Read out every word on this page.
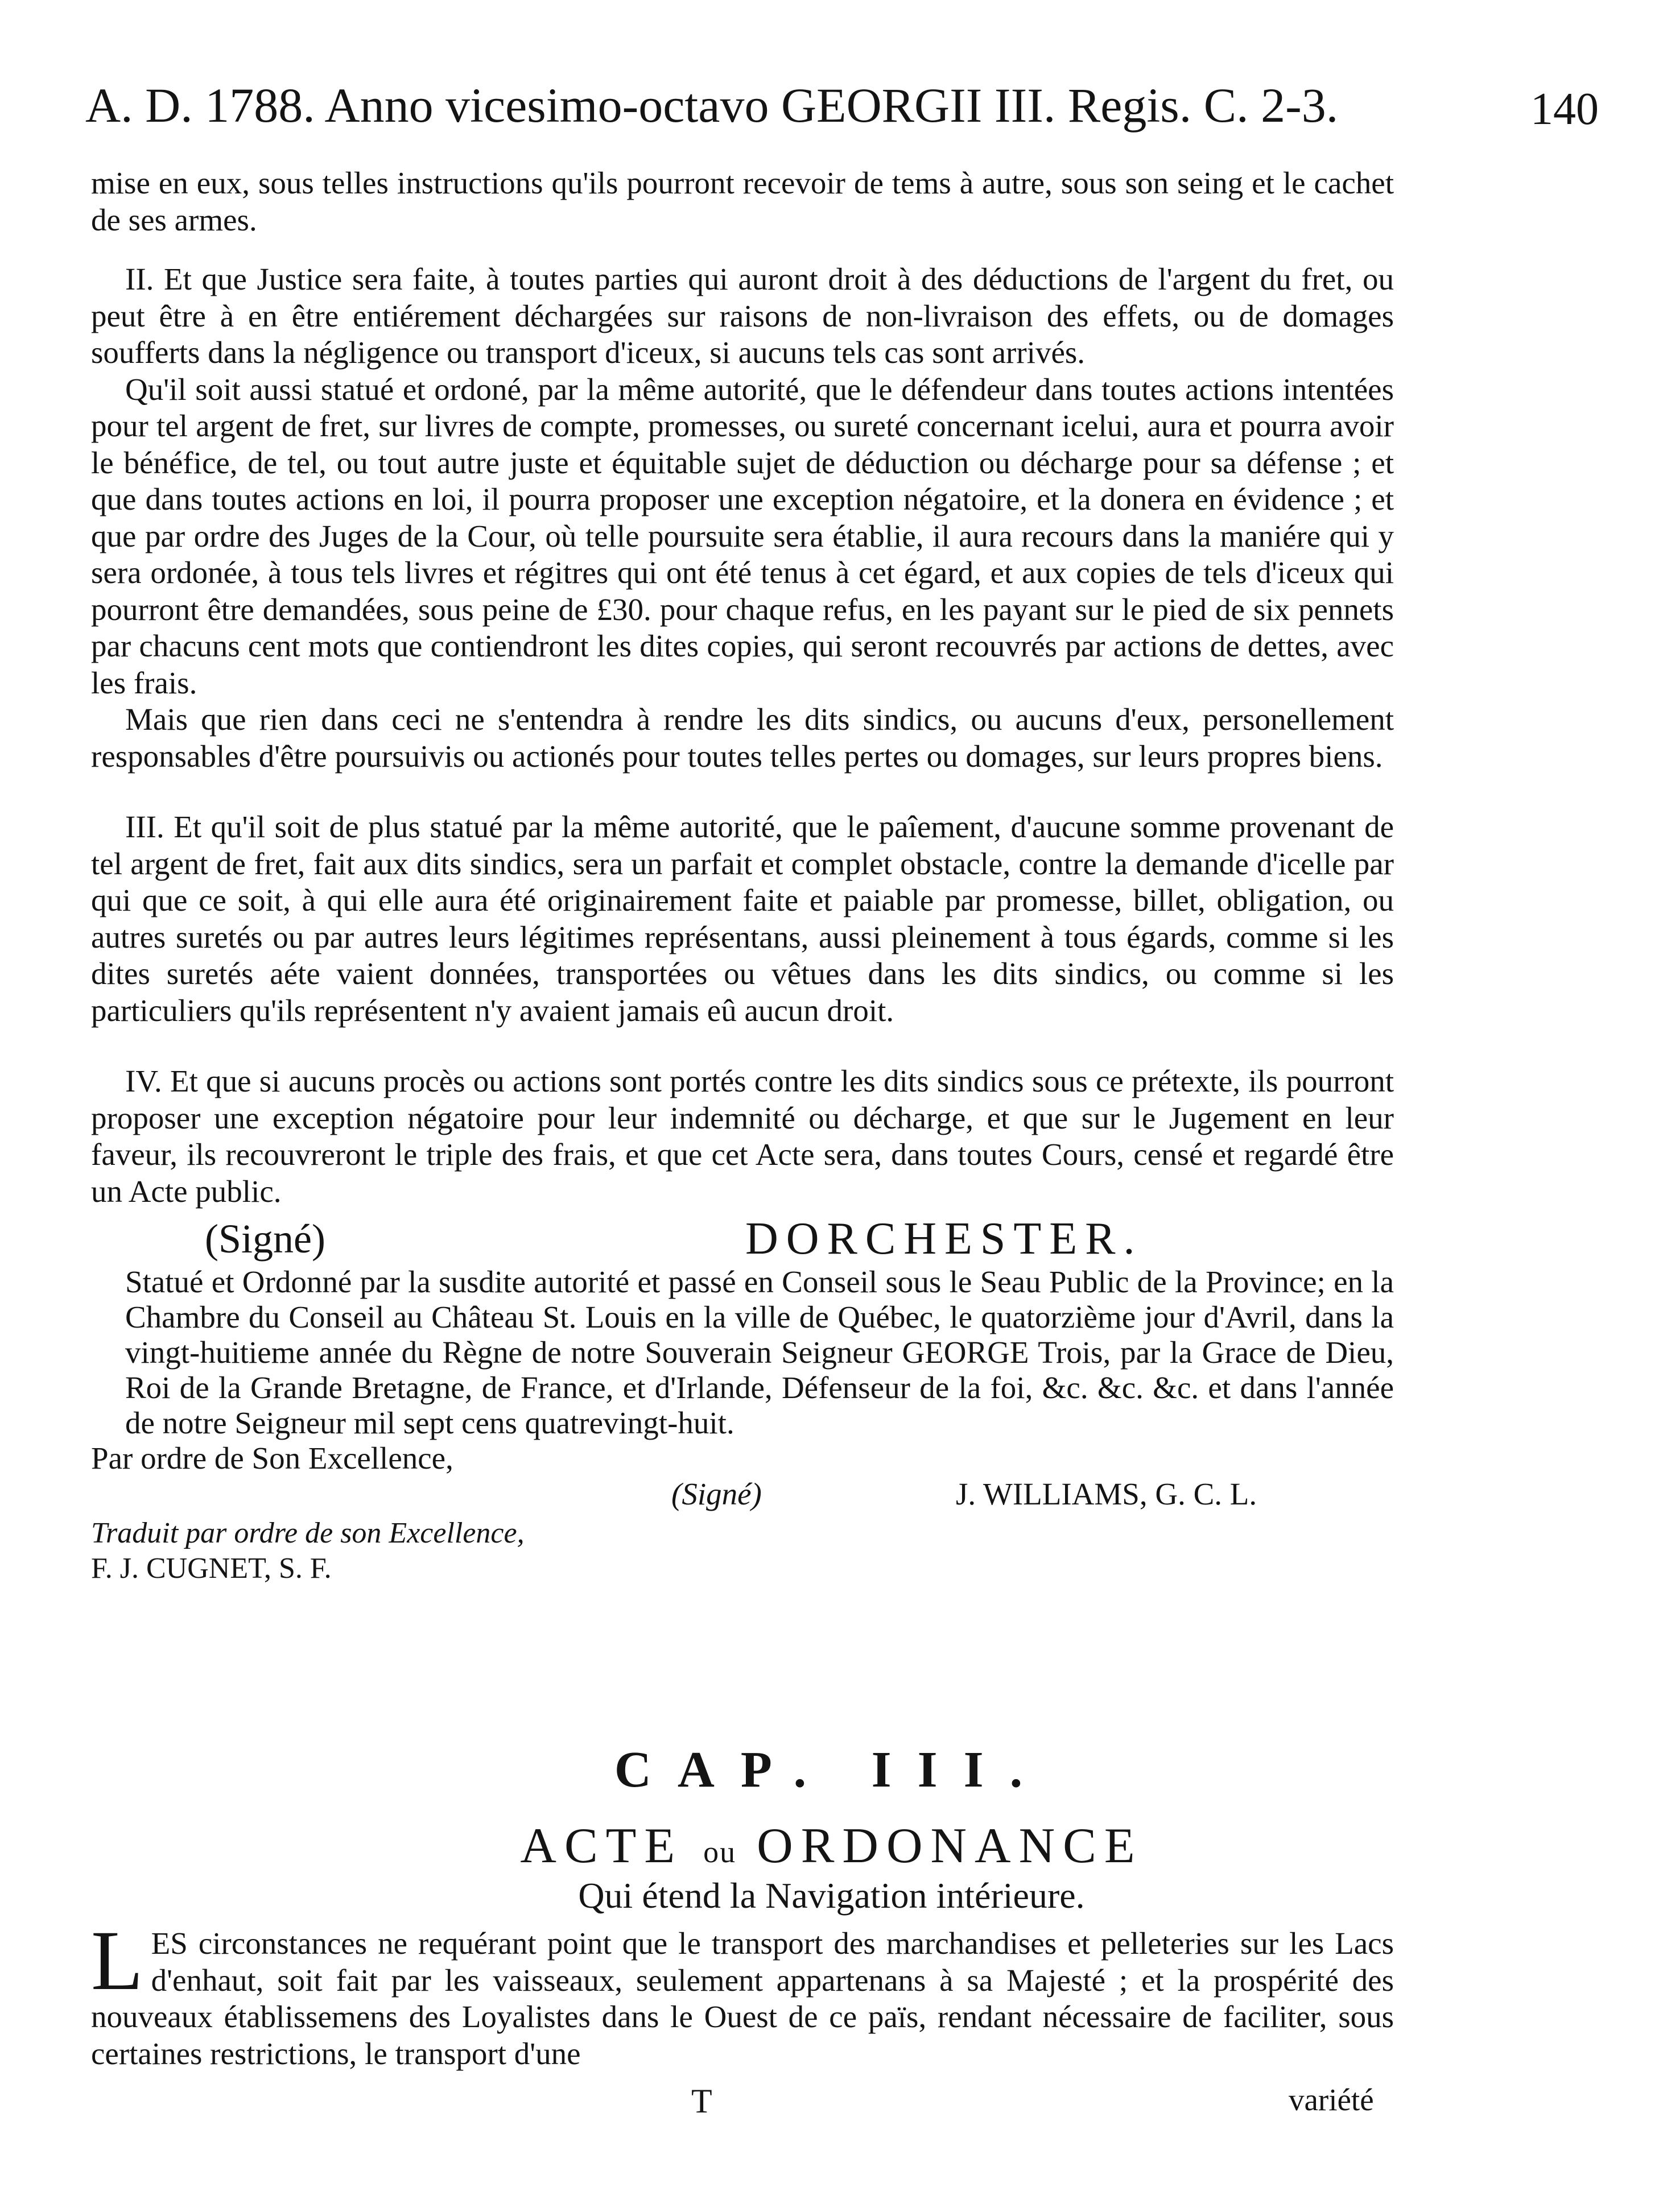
A. D. 1788. Anno vicesimo-octavo GEORGII III. Regis. C. 2-3.	140

mise en eux, sous telles instructions qu'ils pourront recevoir de tems à autre, sous son seing et le cachet de ses armes.

II. Et que Justice sera faite, à toutes parties qui auront droit à des déductions de l'argent du fret, ou peut être à en être entiérement déchargées sur raisons de non-livraison des effets, ou de domages soufferts dans la négligence ou transport d'iceux, si aucuns tels cas sont arrivés.

Qu'il soit aussi statué et ordoné, par la même autorité, que le défendeur dans toutes actions intentées pour tel argent de fret, sur livres de compte, promesses, ou sureté concernant icelui, aura et pourra avoir le bénéfice, de tel, ou tout autre juste et équitable sujet de déduction ou décharge pour sa défense ; et que dans toutes actions en loi, il pourra proposer une exception négatoire, et la donera en évidence ; et que par ordre des Juges de la Cour, où telle poursuite sera établie, il aura recours dans la maniére qui y sera ordonée, à tous tels livres et régitres qui ont été tenus à cet égard, et aux copies de tels d'iceux qui pourront être demandées, sous peine de £30. pour chaque refus, en les payant sur le pied de six pennets par chacuns cent mots que contiendront les dites copies, qui seront recouvrés par actions de dettes, avec les frais.

Mais que rien dans ceci ne s'entendra à rendre les dits sindics, ou aucuns d'eux, personellement responsables d'être poursuivis ou actionés pour toutes telles pertes ou domages, sur leurs propres biens.

III. Et qu'il soit de plus statué par la même autorité, que le paîement, d'aucune somme provenant de tel argent de fret, fait aux dits sindics, sera un parfait et complet obstacle, contre la demande d'icelle par qui que ce soit, à qui elle aura été originairement faite et paiable par promesse, billet, obligation, ou autres suretés ou par autres leurs légitimes représentans, aussi pleinement à tous égards, comme si les dites suretés aéte vaient données, transportées ou vêtues dans les dits sindics, ou comme si les particuliers qu'ils représentent n'y avaient jamais eû aucun droit.

IV. Et que si aucuns procès ou actions sont portés contre les dits sindics sous ce prétexte, ils pourront proposer une exception négatoire pour leur indemnité ou décharge, et que sur le Jugement en leur faveur, ils recouvreront le triple des frais, et que cet Acte sera, dans toutes Cours, censé et regardé être un Acte public.

(Signé)	DORCHESTER.

Statué et Ordonné par la susdite autorité et passé en Conseil sous le Seau Public de la Province; en la Chambre du Conseil au Château St. Louis en la ville de Québec, le quatorzième jour d'Avril, dans la vingt-huitieme année du Règne de notre Souverain Seigneur GEORGE Trois, par la Grace de Dieu, Roi de la Grande Bretagne, de France, et d'Irlande, Défenseur de la foi, &c. &c. &c. et dans l'année de notre Seigneur mil sept cens quatrevingt-huit.

Par ordre de Son Excellence,

(Signé)	J. WILLIAMS, G. C. L.

Traduit par ordre de son Excellence,

F. J. CUGNET, S. F.

CAP. III.
ACTE ou ORDONANCE
Qui étend la Navigation intérieure.
L ES circonstances ne requérant point que le transport des marchandises et pelleteries sur les Lacs d'enhaut, soit fait par les vaisseaux, seulement appartenans à sa Majesté ; et la prospérité des nouveaux établissemens des Loyalistes dans le Ouest de ce païs, rendant nécessaire de faciliter, sous certaines restrictions, le transport d'une
T	variété
